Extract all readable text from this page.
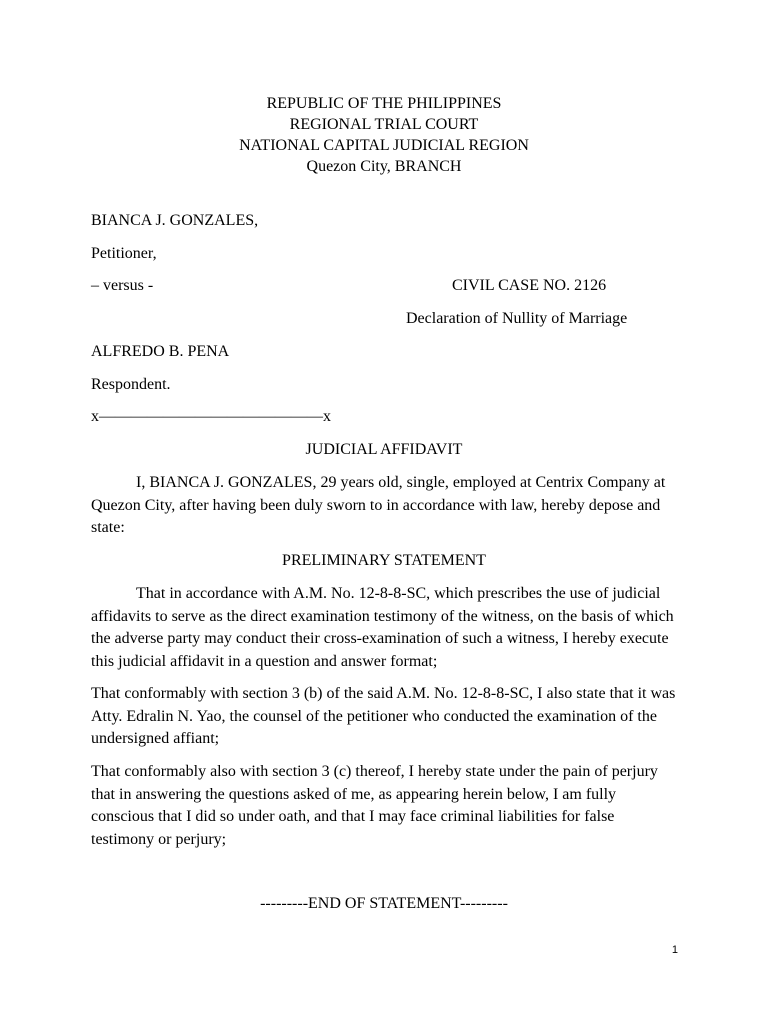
REPUBLIC OF THE PHILIPPINES
REGIONAL TRIAL COURT
NATIONAL CAPITAL JUDICIAL REGION
Quezon City, BRANCH
BIANCA J. GONZALES,
Petitioner,
– versus -	CIVIL CASE NO. 2126
Declaration of Nullity of Marriage
ALFREDO B. PENA
Respondent.
x——————————————x
JUDICIAL AFFIDAVIT

I, BIANCA J. GONZALES, 29 years old, single, employed at Centrix Company at Quezon City, after having been duly sworn to in accordance with law, hereby depose and state:

PRELIMINARY STATEMENT

That in accordance with A.M. No. 12-8-8-SC, which prescribes the use of judicial affidavits to serve as the direct examination testimony of the witness, on the basis of which the adverse party may conduct their cross-examination of such a witness, I hereby execute this judicial affidavit in a question and answer format;

That conformably with section 3 (b) of the said A.M. No. 12-8-8-SC, I also state that it was Atty. Edralin N. Yao, the counsel of the petitioner who conducted the examination of the undersigned affiant;

That conformably also with section 3 (c) thereof, I hereby state under the pain of perjury that in answering the questions asked of me, as appearing herein below, I am fully conscious that I did so under oath, and that I may face criminal liabilities for false testimony or perjury;

---------END OF STATEMENT---------
1
